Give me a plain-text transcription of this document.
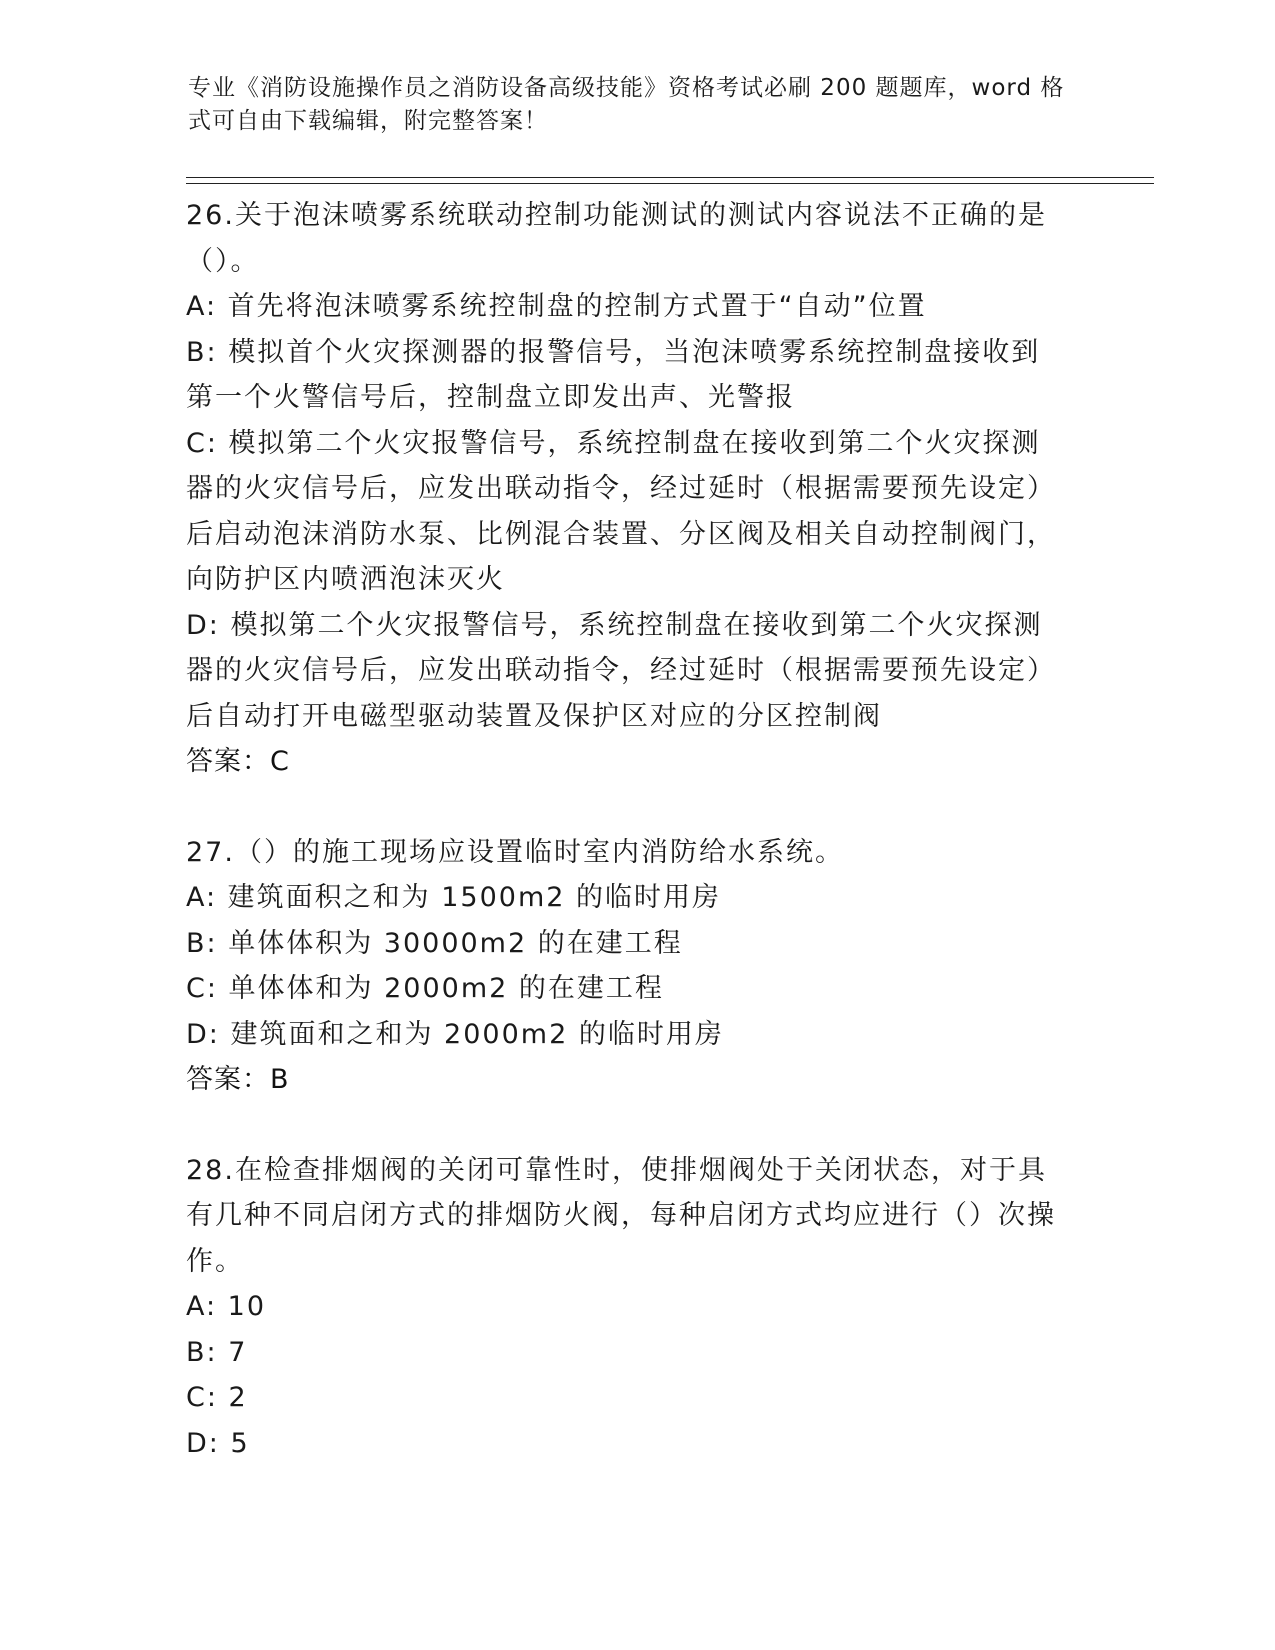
专业《消防设施操作员之消防设备高级技能》资格考试必刷 200 题题库，word 格
式可自由下载编辑，附完整答案！

26.关于泡沫喷雾系统联动控制功能测试的测试内容说法不正确的是（）。

A: 首先将泡沫喷雾系统控制盘的控制方式置于“自动”位置

B: 模拟首个火灾探测器的报警信号，当泡沫喷雾系统控制盘接收到第一个火警信号后，控制盘立即发出声、光警报

C: 模拟第二个火灾报警信号，系统控制盘在接收到第二个火灾探测器的火灾信号后，应发出联动指令，经过延时（根据需要预先设定）后启动泡沫消防水泵、比例混合装置、分区阀及相关自动控制阀门，向防护区内喷洒泡沫灭火

D: 模拟第二个火灾报警信号，系统控制盘在接收到第二个火灾探测器的火灾信号后，应发出联动指令，经过延时（根据需要预先设定）后自动打开电磁型驱动装置及保护区对应的分区控制阀

答案：C

27.（）的施工现场应设置临时室内消防给水系统。

A: 建筑面积之和为 1500m2 的临时用房

B: 单体体积为 30000m2 的在建工程

C: 单体体和为 2000m2 的在建工程

D: 建筑面和之和为 2000m2 的临时用房

答案：B

28.在检查排烟阀的关闭可靠性时，使排烟阀处于关闭状态，对于具有几种不同启闭方式的排烟防火阀，每种启闭方式均应进行（）次操作。

A: 10

B: 7

C: 2

D: 5
